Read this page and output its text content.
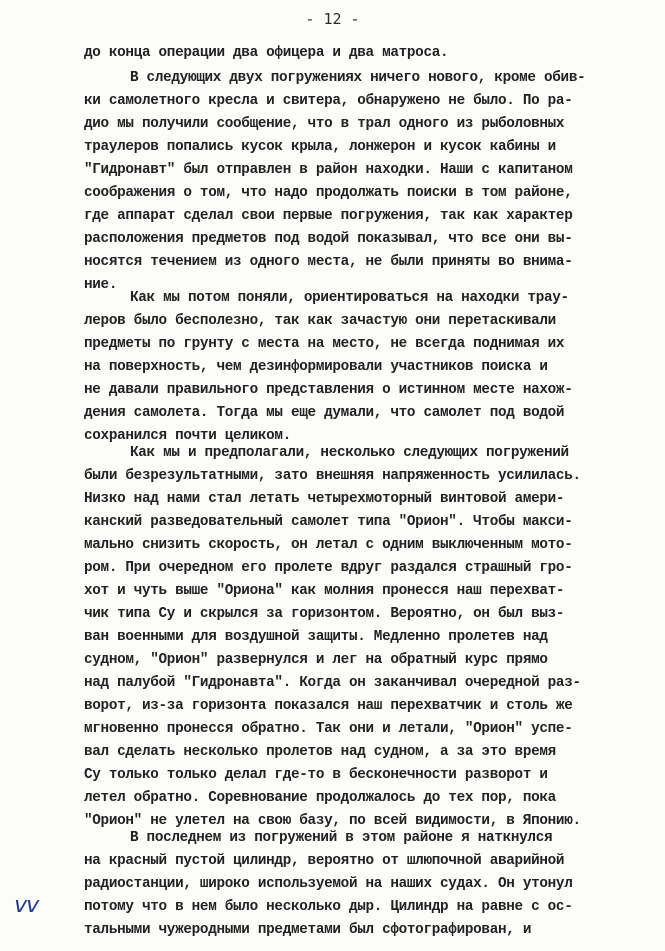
- 12 -
до конца операции два офицера и два матроса.
В следующих двух погружениях ничего нового, кроме обив-
ки самолетного кресла и свитера, обнаружено не было. По ра-
дио мы получили сообщение, что в трал одного из рыболовных
траулеров попались кусок крыла, лонжерон и кусок кабины и
"Гидронавт" был отправлен в район находки. Наши с капитаном
соображения о том, что надо продолжать поиски в том районе,
где аппарат сделал свои первые погружения, так как характер
расположения предметов под водой показывал, что все они вы-
носятся течением из одного места, не были приняты во внима-
ние.
Как мы потом поняли, ориентироваться на находки трау-
леров было бесполезно, так как зачастую они перетаскивали
предметы по грунту с места на место, не всегда поднимая их
на поверхность, чем дезинформировали участников поиска и
не давали правильного представления о истинном месте нахож-
дения самолета. Тогда мы еще думали, что самолет под водой
сохранился почти целиком.
Как мы и предполагали, несколько следующих погружений
были безрезультатными, зато внешняя напряженность усилилась.
Низко над нами стал летать четырехмоторный винтовой амери-
канский разведовательный самолет типа "Орион". Чтобы макси-
мально снизить скорость, он летал с одним выключенным мото-
ром. При очередном его пролете вдруг раздался страшный гро-
хот и чуть выше "Ориона" как молния пронесся наш перехват-
чик типа Су и скрылся за горизонтом. Вероятно, он был выз-
ван военными для воздушной защиты. Медленно пролетев над
судном, "Орион" развернулся и лег на обратный курс прямо
над палубой "Гидронавта". Когда он заканчивал очередной раз-
ворот, из-за горизонта показался наш перехватчик и столь же
мгновенно пронесся обратно. Так они и летали, "Орион" успе-
вал сделать несколько пролетов над судном, а за это время
Су только только делал где-то в бесконечности разворот и
летел обратно. Соревнование продолжалось до тех пор, пока
"Орион" не улетел на свою базу, по всей видимости, в Японию.
В последнем из погружений в этом районе я наткнулся
на красный пустой цилиндр, вероятно от шлюпочной аварийной
радиостанции, широко используемой на наших судах. Он утонул
потому что в нем было несколько дыр. Цилиндр на равне с ос-
тальными чужеродными предметами был сфотографирован, и
vv
